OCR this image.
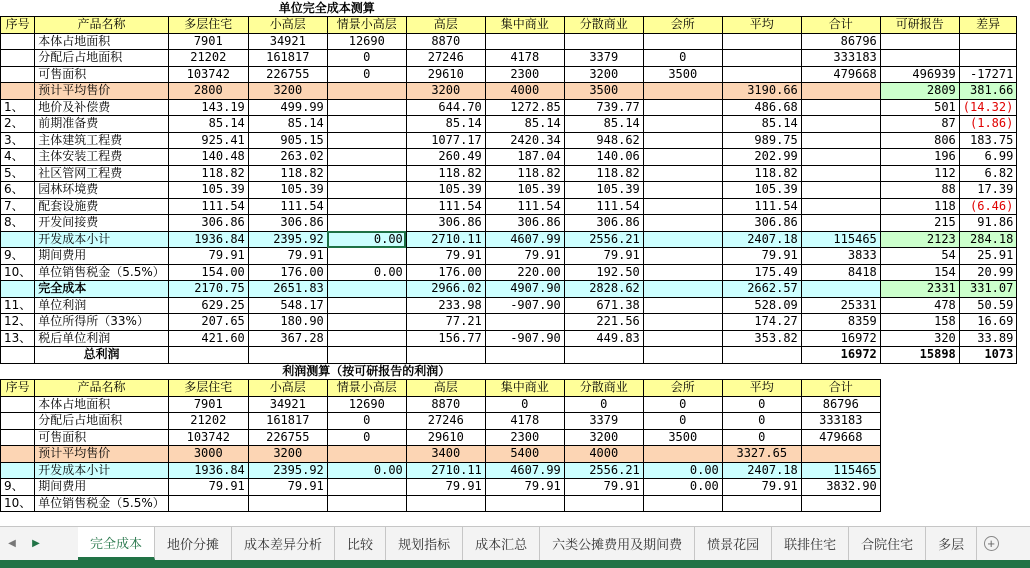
		单位完全成本测算										
序号	产品名称	多层住宅	小高层	情景小高层	高层	集中商业	分散商业	会所	平均	合计	可研报告	差异
	本体占地面积	7901	34921	12690	8870					86796		
	分配后占地面积	21202	161817	0	27246	4178	3379	0		333183		
	可售面积	103742	226755	0	29610	2300	3200	3500		479668	496939	-17271
	预计平均售价	2800	3200		3200	4000	3500		3190.66		2809	381.66
1、	地价及补偿费	143.19	499.99		644.70	1272.85	739.77		486.68		501	(14.32)
2、	前期准备费	85.14	85.14		85.14	85.14	85.14		85.14		87	(1.86)
3、	主体建筑工程费	925.41	905.15		1077.17	2420.34	948.62		989.75		806	183.75
4、	主体安装工程费	140.48	263.02		260.49	187.04	140.06		202.99		196	6.99
5、	社区管网工程费	118.82	118.82		118.82	118.82	118.82		118.82		112	6.82
6、	园林环境费	105.39	105.39		105.39	105.39	105.39		105.39		88	17.39
7、	配套设施费	111.54	111.54		111.54	111.54	111.54		111.54		118	(6.46)
8、	开发间接费	306.86	306.86		306.86	306.86	306.86		306.86		215	91.86
	开发成本小计	1936.84	2395.92	0.00	2710.11	4607.99	2556.21		2407.18	115465	2123	284.18
9、	期间费用	79.91	79.91		79.91	79.91	79.91		79.91	3833	54	25.91
10、	单位销售税金（5.5%）	154.00	176.00	0.00	176.00	220.00	192.50		175.49	8418	154	20.99
	完全成本	2170.75	2651.83		2966.02	4907.90	2828.62		2662.57		2331	331.07
11、	单位利润	629.25	548.17		233.98	-907.90	671.38		528.09	25331	478	50.59
12、	单位所得所（33%）	207.65	180.90		77.21		221.56		174.27	8359	158	16.69
13、	税后单位利润	421.60	367.28		156.77	-907.90	449.83		353.82	16972	320	33.89
	总利润									16972	15898	1073
		利润测算（按可研报告的利润）										
序号	产品名称	多层住宅	小高层	情景小高层	高层	集中商业	分散商业	会所	平均	合计		
	本体占地面积	7901	34921	12690	8870	0	0	0	0	86796		
	分配后占地面积	21202	161817	0	27246	4178	3379	0	0	333183		
	可售面积	103742	226755	0	29610	2300	3200	3500	0	479668		
	预计平均售价	3000	3200		3400	5400	4000		3327.65			
	开发成本小计	1936.84	2395.92	0.00	2710.11	4607.99	2556.21	0.00	2407.18	115465		
9、	期间费用	79.91	79.91		79.91	79.91	79.91	0.00	79.91	3832.90		
10、	单位销售税金（5.5%）											
◀	▶	完全成本	地价分摊	成本差异分析	比较	规划指标	成本汇总	六类公摊费用及期间费	愤景花园	联排住宅	合院住宅	多层	+
